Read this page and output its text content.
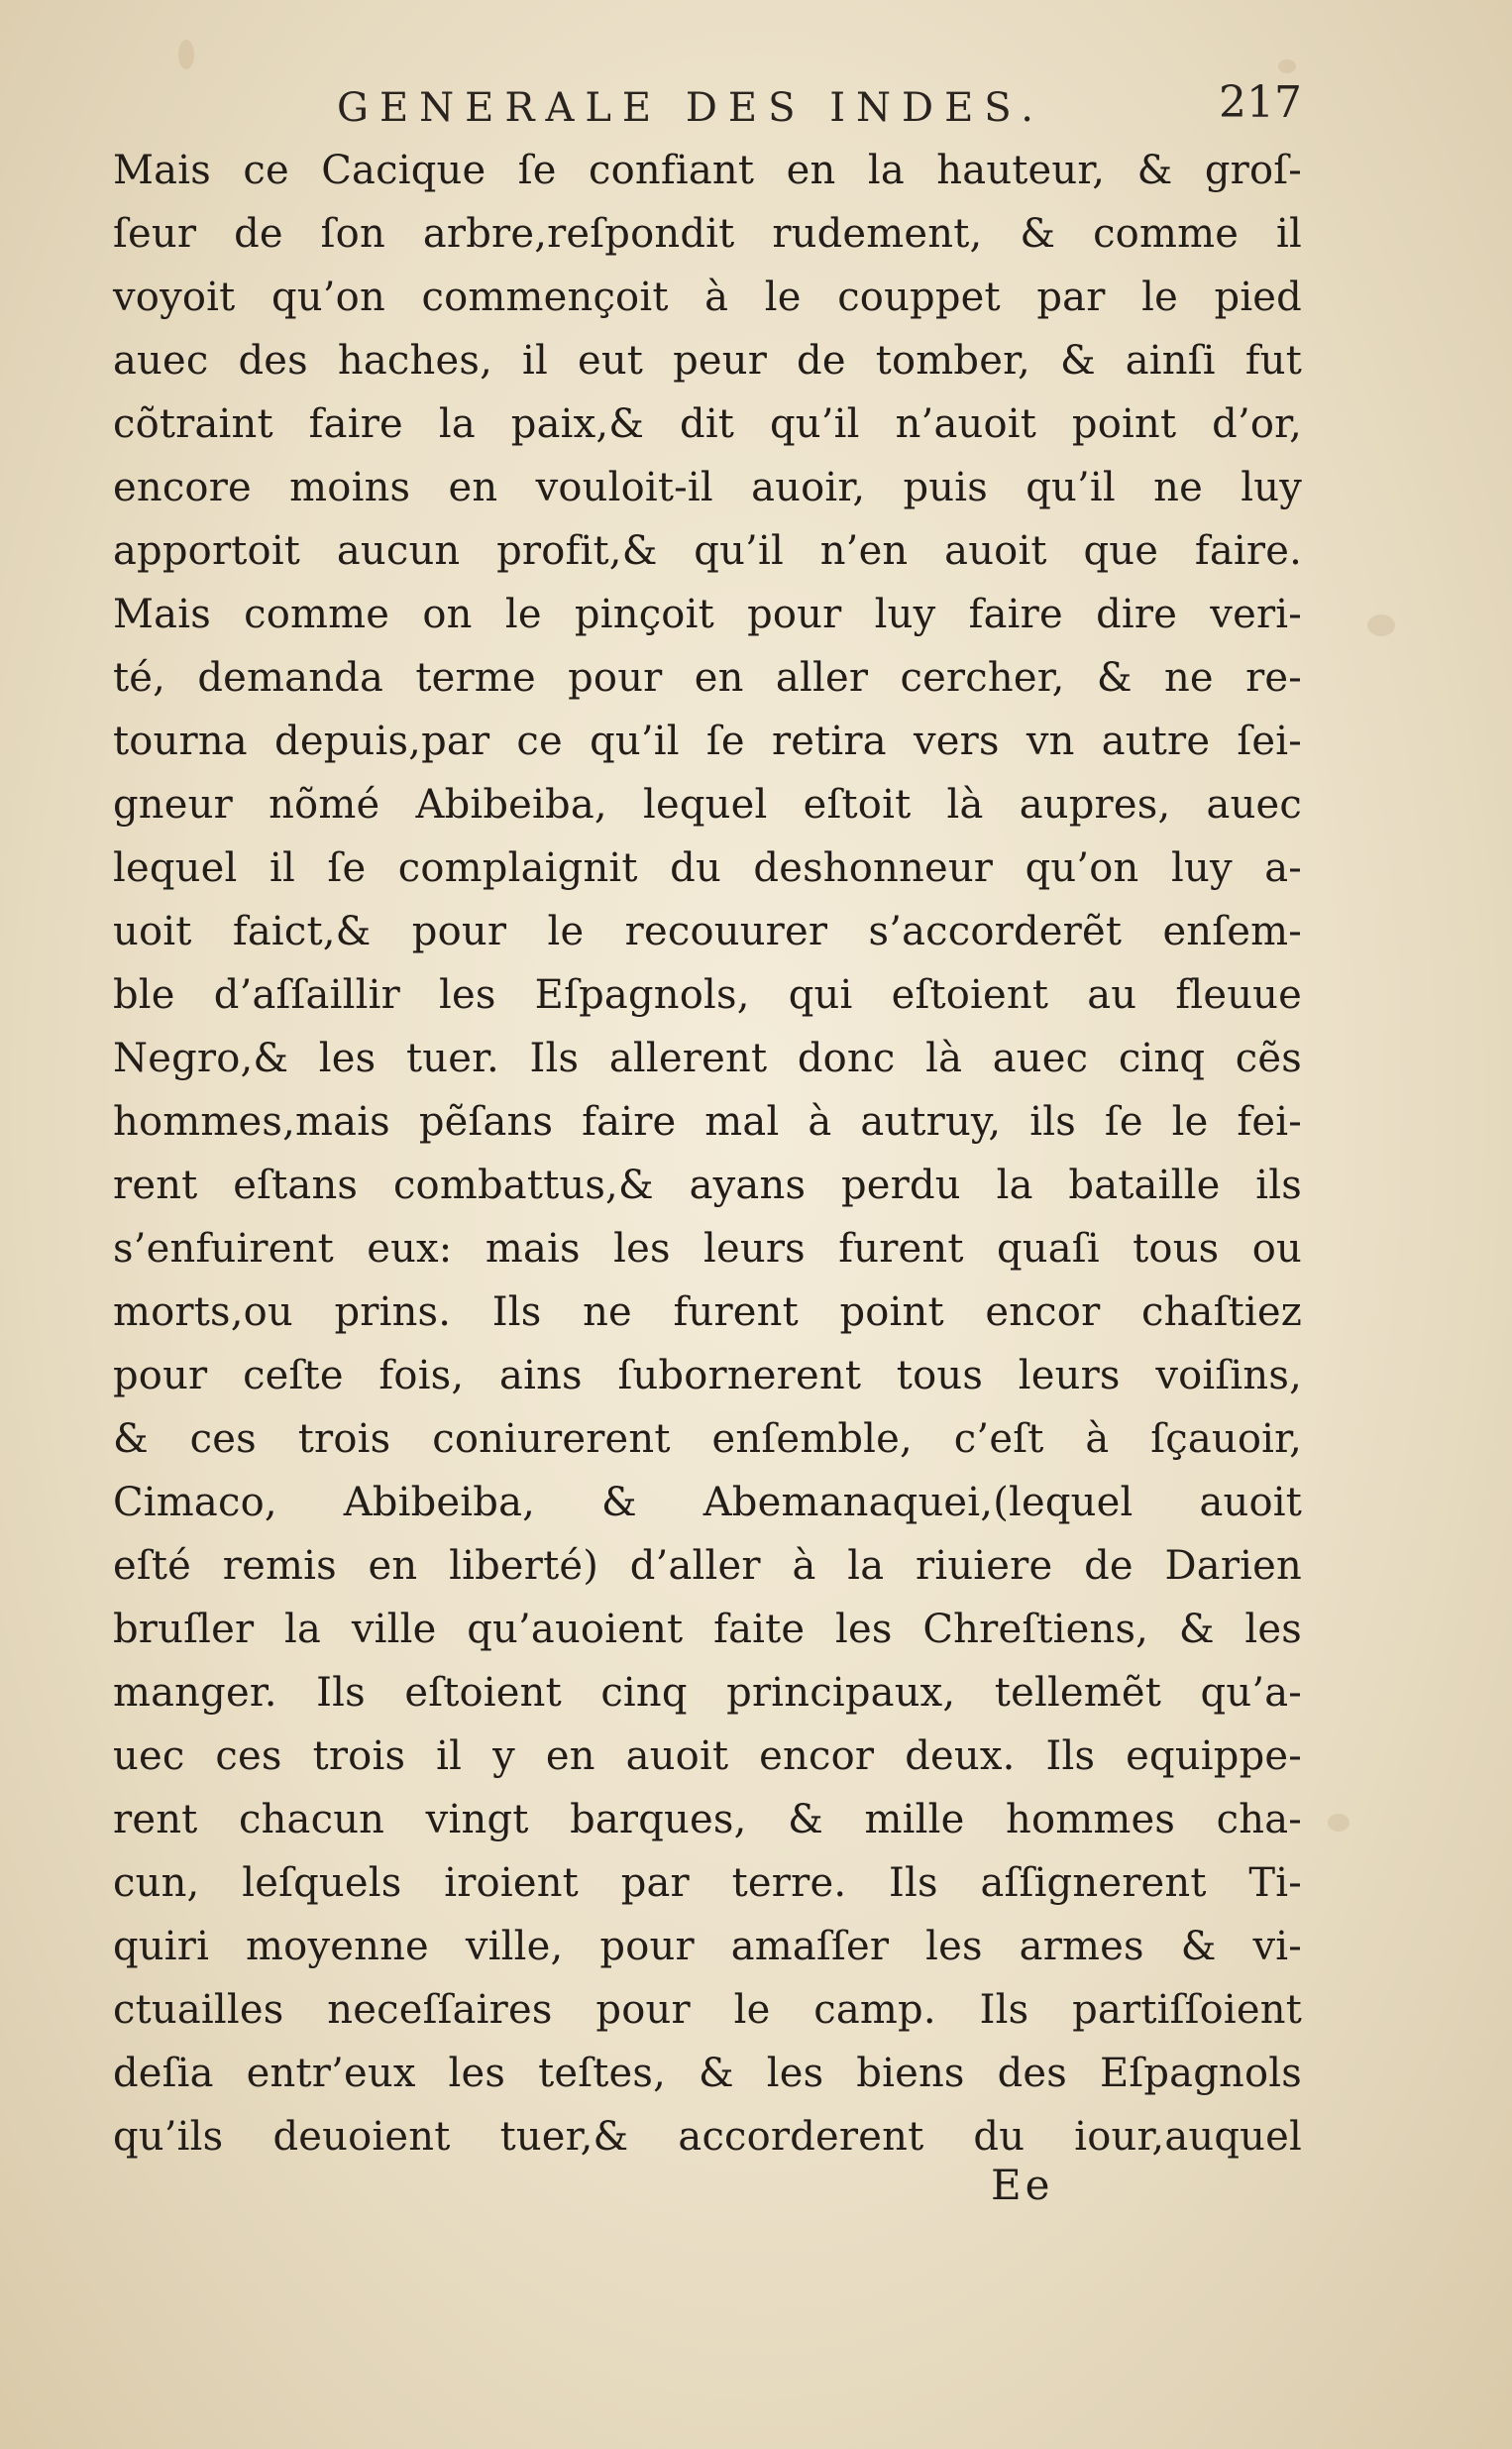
GENERALE DES INDES.	217
Mais ce Cacique ſe confiant en la hauteur, & groſ-
ſeur de ſon arbre,reſpondit rudement, & comme il
voyoit qu’on commençoit à le couppet par le pied
auec des haches, il eut peur de tomber, & ainſi fut
cõtraint faire la paix,& dit qu’il n’auoit point d’or,
encore moins en vouloit-il auoir, puis qu’il ne luy
apportoit aucun profit,& qu’il n’en auoit que faire.
Mais comme on le pinçoit pour luy faire dire veri-
té, demanda terme pour en aller cercher, & ne re-
tourna depuis,par ce qu’il ſe retira vers vn autre ſei-
gneur nõmé Abibeiba, lequel eſtoit là aupres, auec
lequel il ſe complaignit du deshonneur qu’on luy a-
uoit faict,& pour le recouurer s’accorderẽt enſem-
ble d’aſſaillir les Eſpagnols, qui eſtoient au fleuue
Negro,& les tuer. Ils allerent donc là auec cinq cẽs
hommes,mais pẽſans faire mal à autruy, ils ſe le fei-
rent eſtans combattus,& ayans perdu la bataille ils
s’enfuirent eux: mais les leurs furent quaſi tous ou
morts,ou prins. Ils ne furent point encor chaſtiez
pour ceſte fois, ains ſubornerent tous leurs voiſins,
& ces trois coniurerent enſemble, c’eſt à ſçauoir,
Cimaco, Abibeiba, & Abemanaquei,(lequel auoit
eſté remis en liberté) d’aller à la riuiere de Darien
bruſler la ville qu’auoient faite les Chreſtiens, & les
manger. Ils eſtoient cinq principaux, tellemẽt qu’a-
uec ces trois il y en auoit encor deux. Ils equippe-
rent chacun vingt barques, & mille hommes cha-
cun, leſquels iroient par terre. Ils aſſignerent Ti-
quiri moyenne ville, pour amaſſer les armes & vi-
ctuailles neceſſaires pour le camp. Ils partiſſoient
deſia entr’eux les teſtes, & les biens des Eſpagnols
qu’ils deuoient tuer,& accorderent du iour,auquel
Ee
